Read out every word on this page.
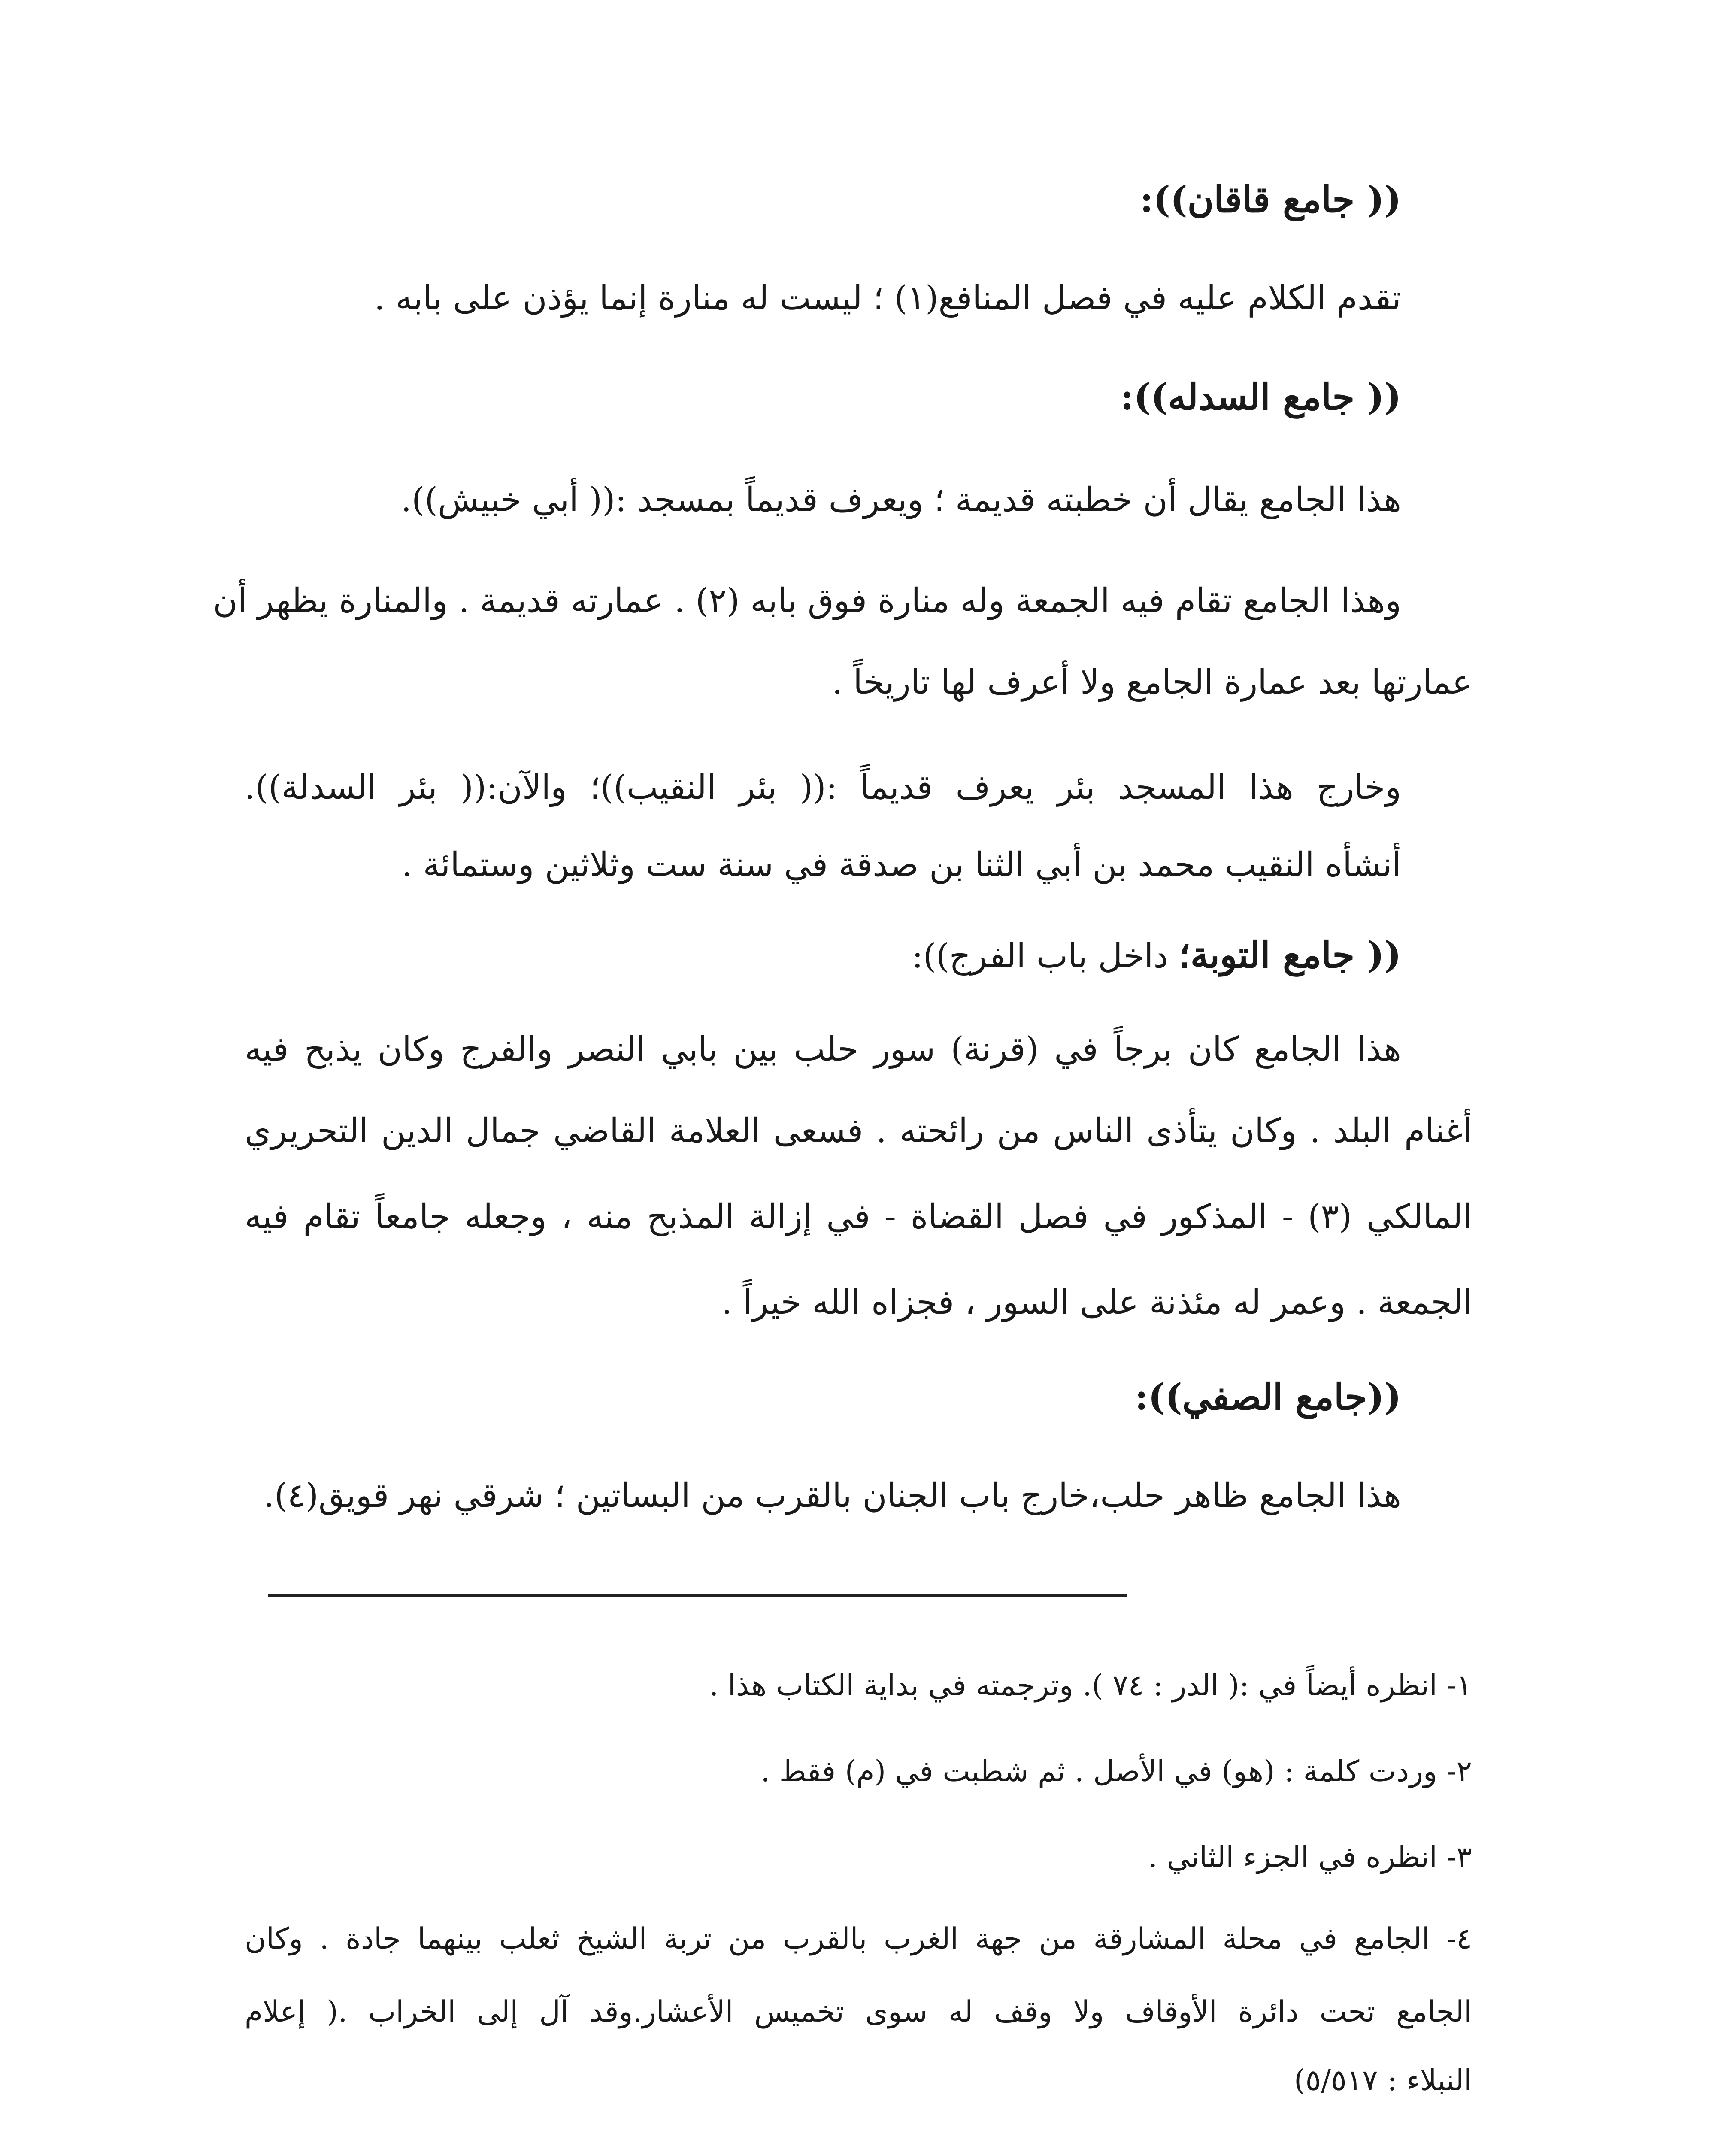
(( جامع قاقان)):
تقدم الكلام عليه في فصل المنافع(١) ؛ ليست له منارة إنما يؤذن على بابه .
(( جامع السدله)):
هذا الجامع يقال أن خطبته قديمة ؛ ويعرف قديماً بمسجد :(( أبي خبيش)).
وهذا الجامع تقام فيه الجمعة وله منارة فوق بابه (٢) . عمارته قديمة . والمنارة يظهر أن
عمارتها بعد عمارة الجامع ولا أعرف لها تاريخاً .
وخارج هذا المسجد بئر يعرف قديماً :(( بئر النقيب))؛ والآن:(( بئر السدلة)).
أنشأه النقيب محمد بن أبي الثنا بن صدقة في سنة ست وثلاثين وستمائة .
(( جامع التوبة؛ داخل باب الفرج)):
هذا الجامع كان برجاً في (قرنة) سور حلب بين بابي النصر والفرج وكان يذبح فيه
أغنام البلد . وكان يتأذى الناس من رائحته . فسعى العلامة القاضي جمال الدين التحريري
المالكي (٣) - المذكور في فصل القضاة - في إزالة المذبح منه ، وجعله جامعاً تقام فيه
الجمعة . وعمر له مئذنة على السور ، فجزاه الله خيراً .
((جامع الصفي)):
هذا الجامع ظاهر حلب،خارج باب الجنان بالقرب من البساتين ؛ شرقي نهر قويق(٤).
١- انظره أيضاً في :( الدر : ٧٤ ). وترجمته في بداية الكتاب هذا .
٢- وردت كلمة : (هو) في الأصل . ثم شطبت في (م) فقط .
٣- انظره في الجزء الثاني .
٤- الجامع في محلة المشارقة من جهة الغرب بالقرب من تربة الشيخ ثعلب بينهما جادة . وكان
الجامع تحت دائرة الأوقاف ولا وقف له سوى تخميس الأعشار.وقد آل إلى الخراب .( إعلام
النبلاء : ٥/٥١٧)
